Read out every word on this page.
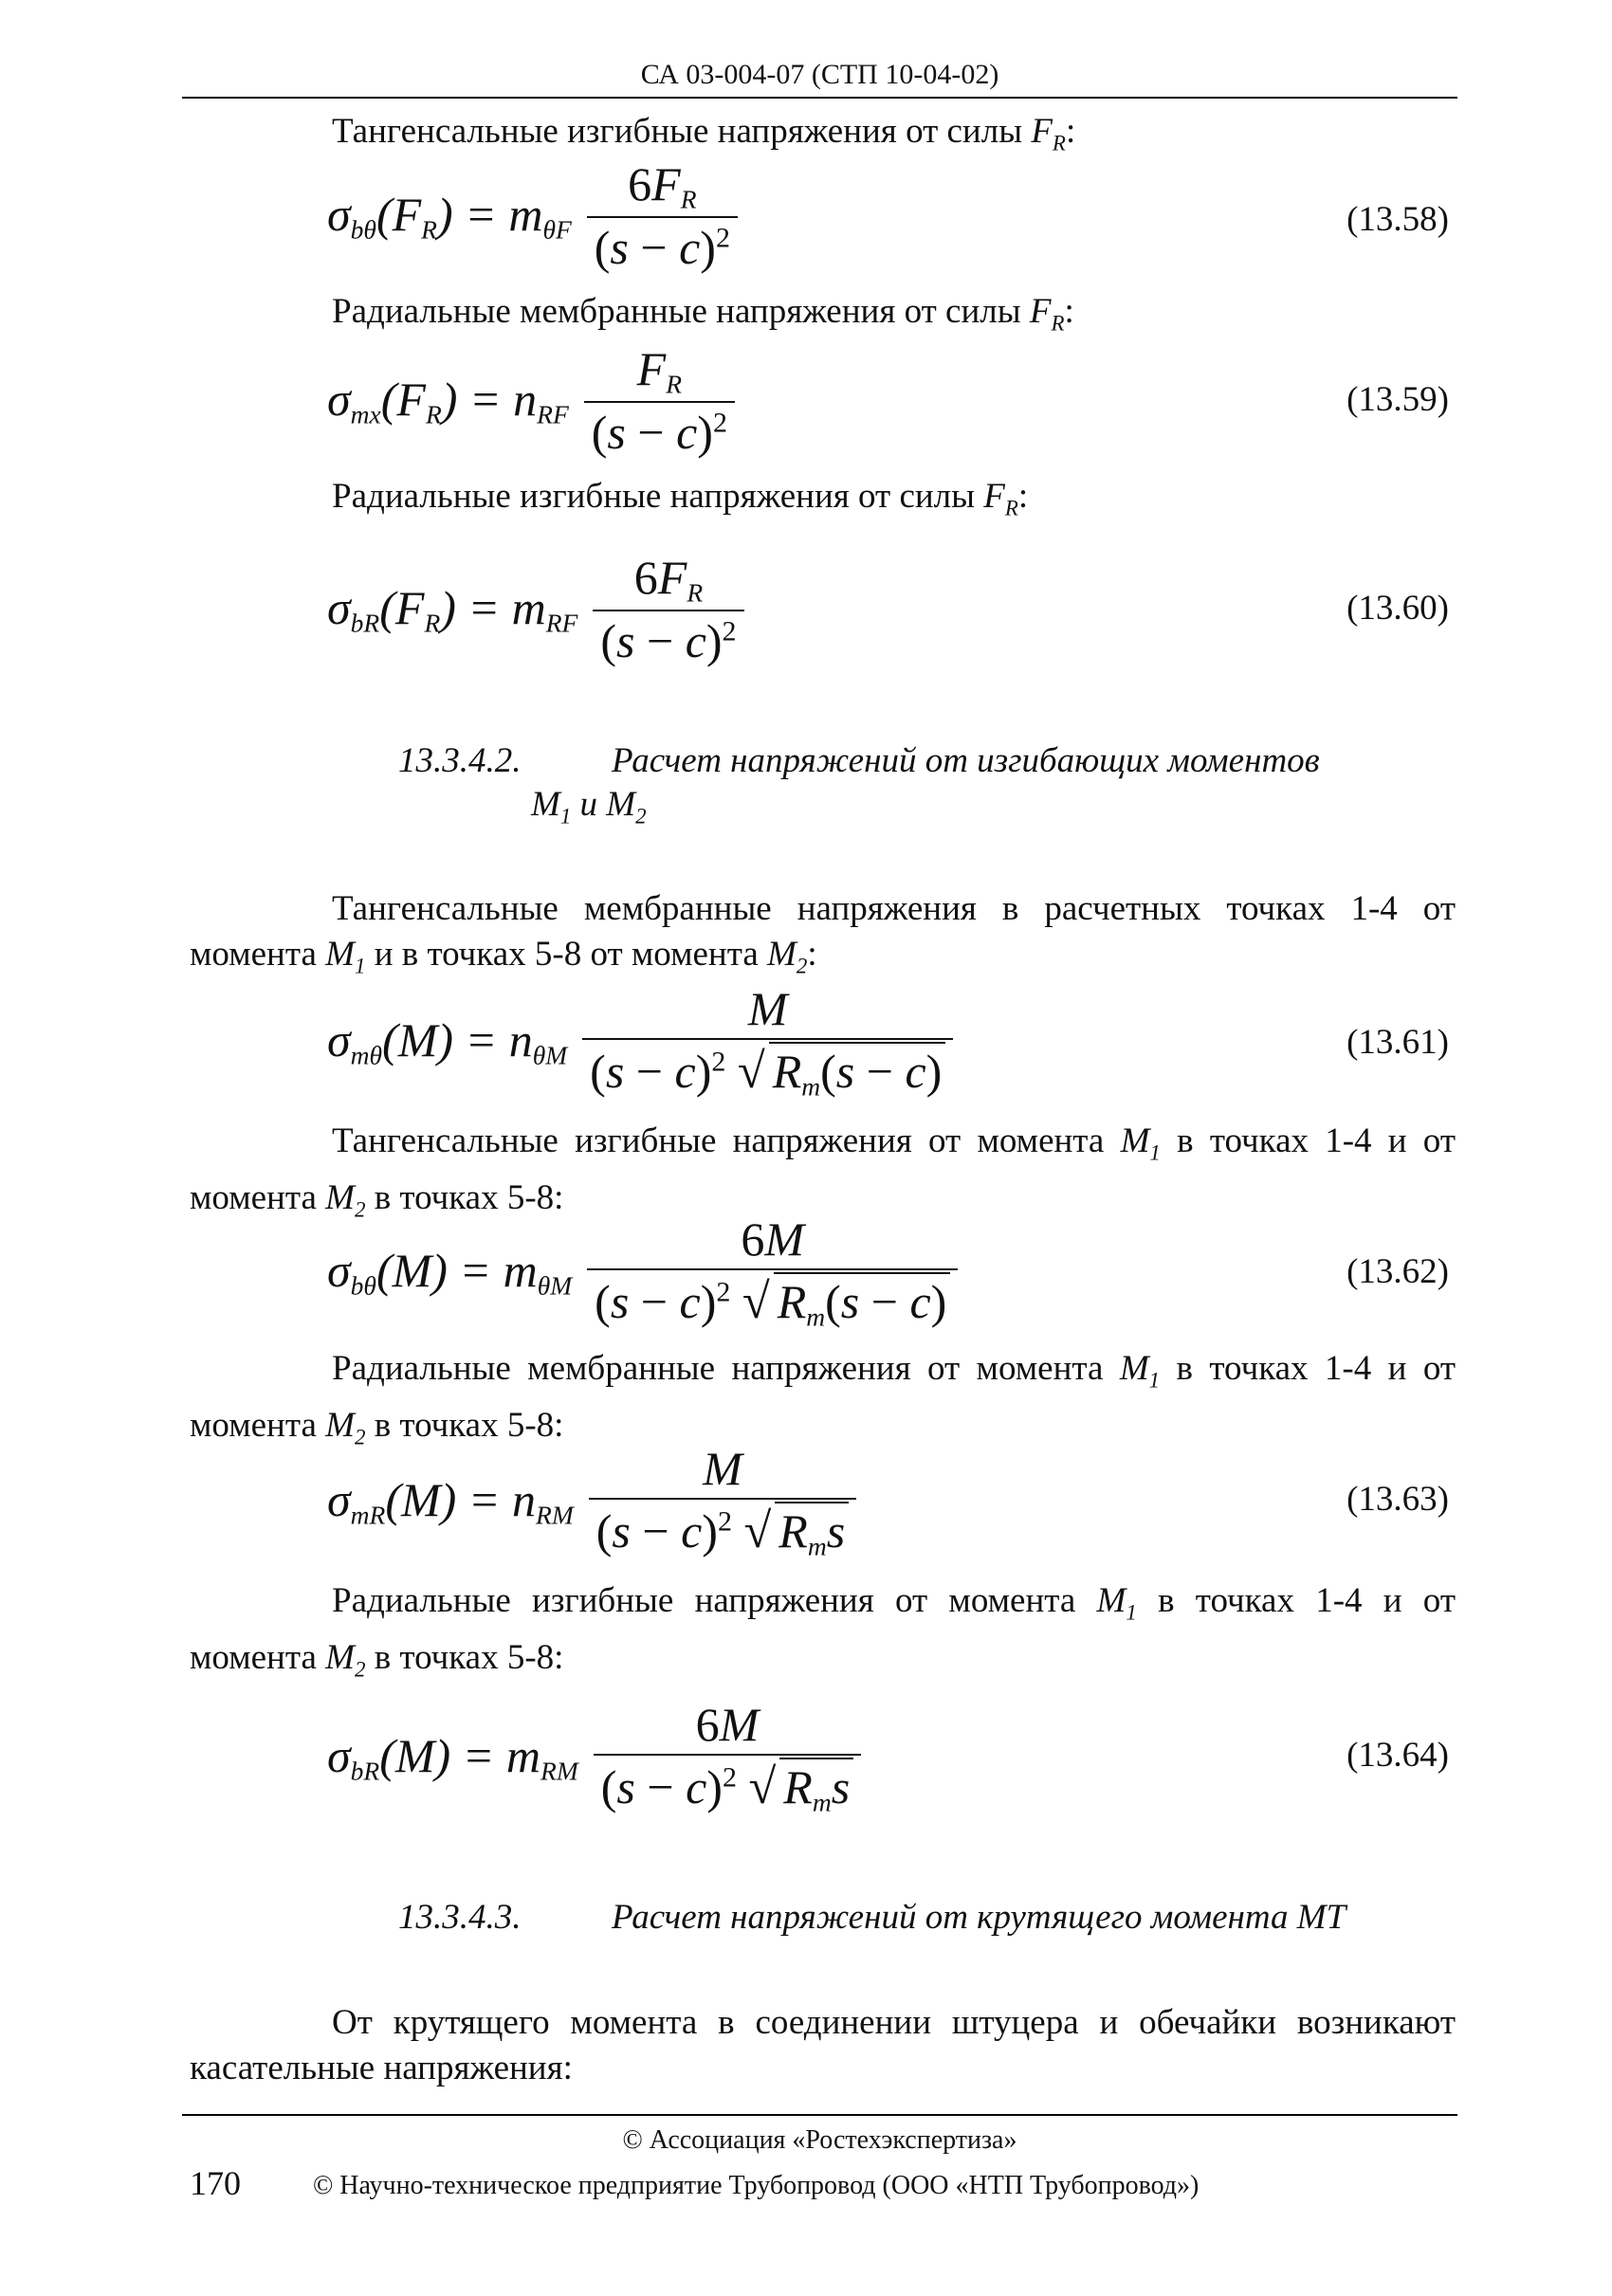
СА 03-004-07 (СТП 10-04-02)
Тангенсальные изгибные напряжения от силы $F_R$:
$\sigma_{b\theta}(F_R) = m_{\theta F} \frac{6F_R}{(s - c)^2}$	(13.58)
Радиальные мембранные напряжения от силы $F_R$:
$\sigma_{mx}(F_R) = n_{RF} \frac{F_R}{(s - c)^2}$	(13.59)
Радиальные изгибные напряжения от силы $F_R$:
$\sigma_{bR}(F_R) = m_{RF} \frac{6F_R}{(s - c)^2}$	(13.60)
13.3.4.2.	Расчет напряжений от изгибающих моментов
$M_1$ и $M_2$
Тангенсальные мембранные напряжения в расчетных точках 1-4 от момента $M_1$ и в точках 5-8 от момента $M_2$:
$\sigma_{m\theta}(M) = n_{\theta M} \frac{M}{(s - c)^2 √ R_m(s - c)}$	(13.61)
Тангенсальные изгибные напряжения от момента $M_1$ в точках 1-4 и от момента $M_2$ в точках 5-8:
$\sigma_{b\theta}(M) = m_{\theta M} \frac{6M}{(s - c)^2 √ R_m(s - c)}$	(13.62)
Радиальные мембранные напряжения от момента $M_1$ в точках 1-4 и от момента $M_2$ в точках 5-8:
$\sigma_{mR}(M) = n_{RM} \frac{M}{(s - c)^2 √ R_ms}$	(13.63)
Радиальные изгибные напряжения от момента $M_1$ в точках 1-4 и от момента $M_2$ в точках 5-8:
$\sigma_{bR}(M) = m_{RM} \frac{6M}{(s - c)^2 √ R_ms}$	(13.64)
13.3.4.3.	Расчет напряжений от крутящего момента MT
От крутящего момента в соединении штуцера и обечайки возникают касательные напряжения:
© Ассоциация «Ростехэкспертиза»
170	© Научно-техническое предприятие Трубопровод (ООО «НТП Трубопровод»)
